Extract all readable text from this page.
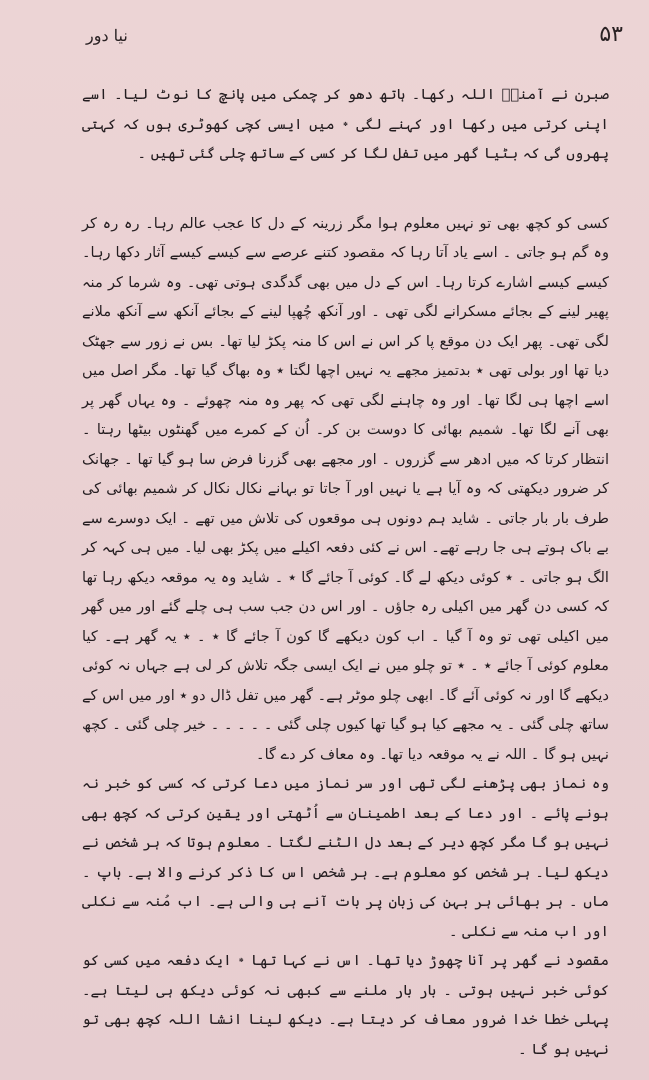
نیا دور	۵۳

صبرن نے آمناؔ اللہ رکھا۔ ہاتھ دھو کر چمکی میں پانچ کا نوٹ لیا۔ اسے اپنی کرتی میں رکھا اور کہنے لگی ٭ میں ایسی کچی کھوٹری ہوں کہ کہتی پھروں گی کہ بٹیا گھر میں تفل لگا کر کسی کے ساتھ چلی گئی تھیں ۔

کسی کو کچھ بھی تو نہیں معلوم ہوا مگر زرینہ کے دل کا عجب عالم رہا۔ رہ رہ کر وہ گم ہو جاتی ۔ اسے یاد آتا رہا کہ مقصود کتنے عرصے سے کیسے کیسے آثار دکھا رہا۔ کیسے کیسے اشارے کرتا رہا۔ اس کے دل میں بھی گدگدی ہوتی تھی۔ وہ شرما کر منہ پھیر لینے کے بجائے مسکرانے لگی تھی ۔ اور آنکھ چُھپا لینے کے بجائے آنکھ سے آنکھ ملانے لگی تھی۔ پھر ایک دن موقع پا کر اس نے اس کا منہ پکڑ لیا تھا۔ بس نے زور سے جھٹک دیا تھا اور بولی تھی ٭ بدتمیز مجھے یہ نہیں اچھا لگتا ٭ وہ بھاگ گیا تھا۔ مگر اصل میں اسے اچھا ہی لگا تھا۔ اور وہ چاہنے لگی تھی کہ پھر وہ منہ چھوئے ۔ وہ یہاں گھر پر بھی آنے لگا تھا۔ شمیم بھائی کا دوست بن کر۔ اُن کے کمرے میں گھنٹوں بیٹھا رہتا ۔ انتظار کرتا کہ میں ادھر سے گزروں ۔ اور مجھے بھی گزرنا فرض سا ہو گیا تھا ۔ جھانک کر ضرور دیکھتی کہ وہ آیا ہے یا نہیں اور آ جاتا تو بہانے نکال نکال کر شمیم بھائی کی طرف بار بار جاتی ۔ شاید ہم دونوں ہی موقعوں کی تلاش میں تھے ۔ ایک دوسرے سے بے باک ہوتے ہی جا رہے تھے۔ اس نے کئی دفعہ اکیلے میں پکڑ بھی لیا۔ میں ہی کہہ کر الگ ہو جاتی ۔ ٭ کوئی دیکھ لے گا۔ کوئی آ جائے گا ٭ ۔ شاید وہ یہ موقعہ دیکھ رہا تھا کہ کسی دن گھر میں اکیلی رہ جاؤں ۔ اور اس دن جب سب ہی چلے گئے اور میں گھر میں اکیلی تھی تو وہ آ گیا ۔ اب کون دیکھے گا کون آ جائے گا ٭ ۔ ٭ یہ گھر ہے۔ کیا معلوم کوئی آ جائے ٭ ۔ ٭ تو چلو میں نے ایک ایسی جگہ تلاش کر لی ہے جہاں نہ کوئی دیکھے گا اور نہ کوئی آئے گا۔ ابھی چلو موٹر ہے۔ گھر میں تفل ڈال دو ٭ اور میں اس کے ساتھ چلی گئی ۔ یہ مجھے کیا ہو گیا تھا کیوں چلی گئی ۔ ۔ ۔ ۔ ۔ خیر چلی گئی ۔ کچھ نہیں ہو گا ۔ اللہ نے یہ موقعہ دیا تھا۔ وہ معاف کر دے گا۔

وہ نماز بھی پڑھنے لگی تھی اور سر نماز میں دعا کرتی کہ کسی کو خبر نہ ہونے پائے ۔ اور دعا کے بعد اطمینان سے اُٹھتی اور یقین کرتی کہ کچھ بھی نہیں ہو گا مگر کچھ دیر کے بعد دل الٹنے لگتا ۔ معلوم ہوتا کہ ہر شخص نے دیکھ لیا۔ ہر شخص کو معلوم ہے۔ ہر شخص اس کا ذکر کرنے والا ہے۔ باپ ۔ ماں ۔ ہر بھائی ہر بہن کی زبان پر بات آنے ہی والی ہے۔ اب مُنہ سے نکلی اور اب منہ سے نکلی ۔

مقصود نے گھر پر آنا چھوڑ دیا تھا۔ اس نے کہا تھا ٭ ایک دفعہ میں کسی کو کوئی خبر نہیں ہوتی ۔ بار بار ملنے سے کبھی نہ کوئی دیکھ ہی لیتا ہے۔ پہلی خطا خدا ضرور معاف کر دیتا ہے۔ دیکھ لینا انشا اللہ کچھ بھی تو نہیں ہو گا ۔
